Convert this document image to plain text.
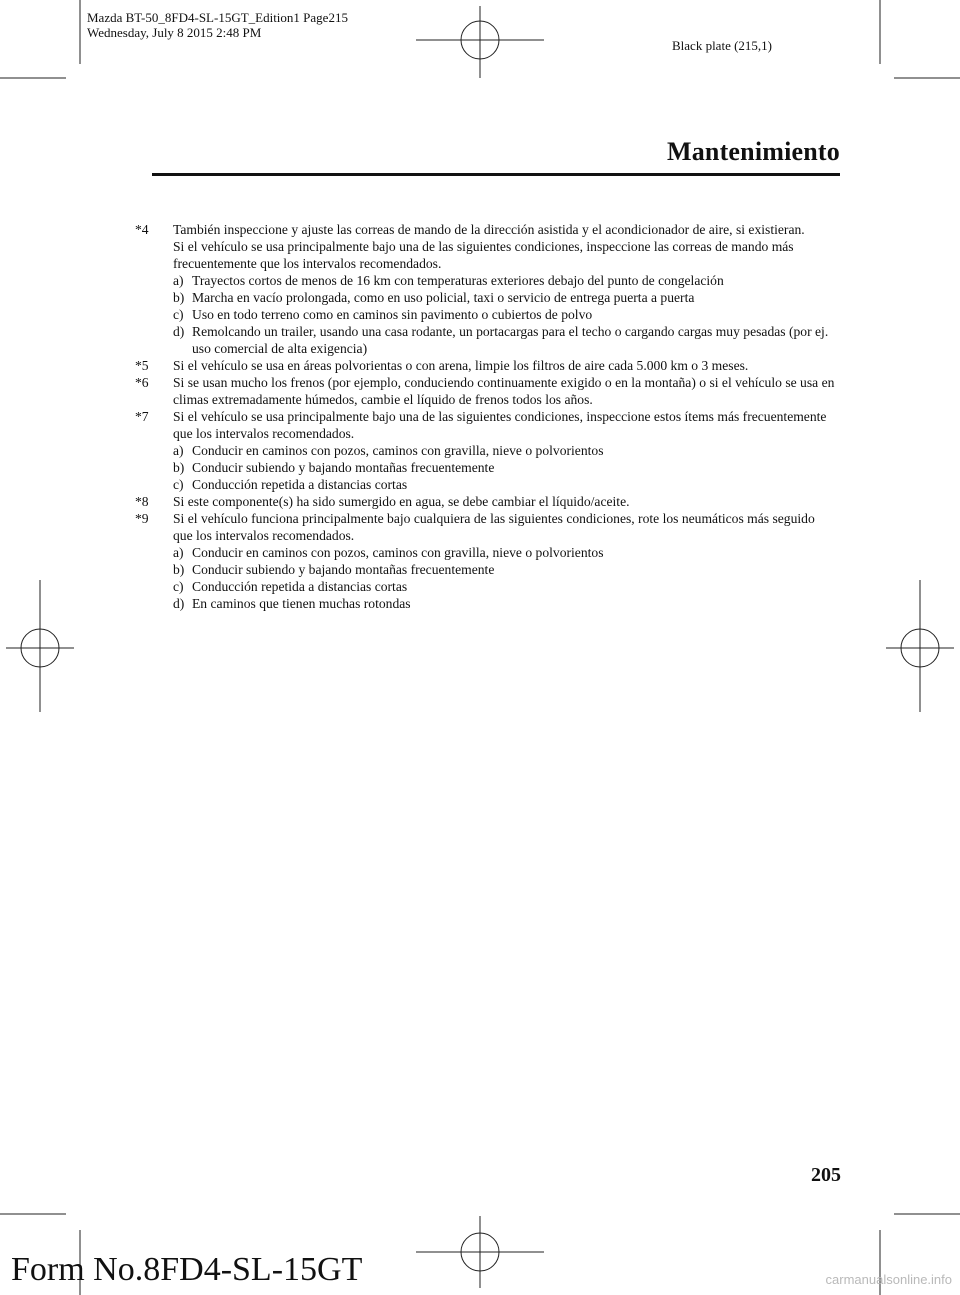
Mazda BT-50_8FD4-SL-15GT_Edition1 Page215
Wednesday, July 8 2015 2:48 PM
Black plate (215,1)
Mantenimiento
*4 También inspeccione y ajuste las correas de mando de la dirección asistida y el acondicionador de aire, si existieran.
Si el vehículo se usa principalmente bajo una de las siguientes condiciones, inspeccione las correas de mando más frecuentemente que los intervalos recomendados.
a) Trayectos cortos de menos de 16 km con temperaturas exteriores debajo del punto de congelación
b) Marcha en vacío prolongada, como en uso policial, taxi o servicio de entrega puerta a puerta
c) Uso en todo terreno como en caminos sin pavimento o cubiertos de polvo
d) Remolcando un trailer, usando una casa rodante, un portacargas para el techo o cargando cargas muy pesadas (por ej. uso comercial de alta exigencia)
*5 Si el vehículo se usa en áreas polvorientas o con arena, limpie los filtros de aire cada 5.000 km o 3 meses.
*6 Si se usan mucho los frenos (por ejemplo, conduciendo continuamente exigido o en la montaña) o si el vehículo se usa en climas extremadamente húmedos, cambie el líquido de frenos todos los años.
*7 Si el vehículo se usa principalmente bajo una de las siguientes condiciones, inspeccione estos ítems más frecuentemente que los intervalos recomendados.
a) Conducir en caminos con pozos, caminos con gravilla, nieve o polvorientos
b) Conducir subiendo y bajando montañas frecuentemente
c) Conducción repetida a distancias cortas
*8 Si este componente(s) ha sido sumergido en agua, se debe cambiar el líquido/aceite.
*9 Si el vehículo funciona principalmente bajo cualquiera de las siguientes condiciones, rote los neumáticos más seguido que los intervalos recomendados.
a) Conducir en caminos con pozos, caminos con gravilla, nieve o polvorientos
b) Conducir subiendo y bajando montañas frecuentemente
c) Conducción repetida a distancias cortas
d) En caminos que tienen muchas rotondas
205
Form No.8FD4-SL-15GT	carmanualsonline.info
